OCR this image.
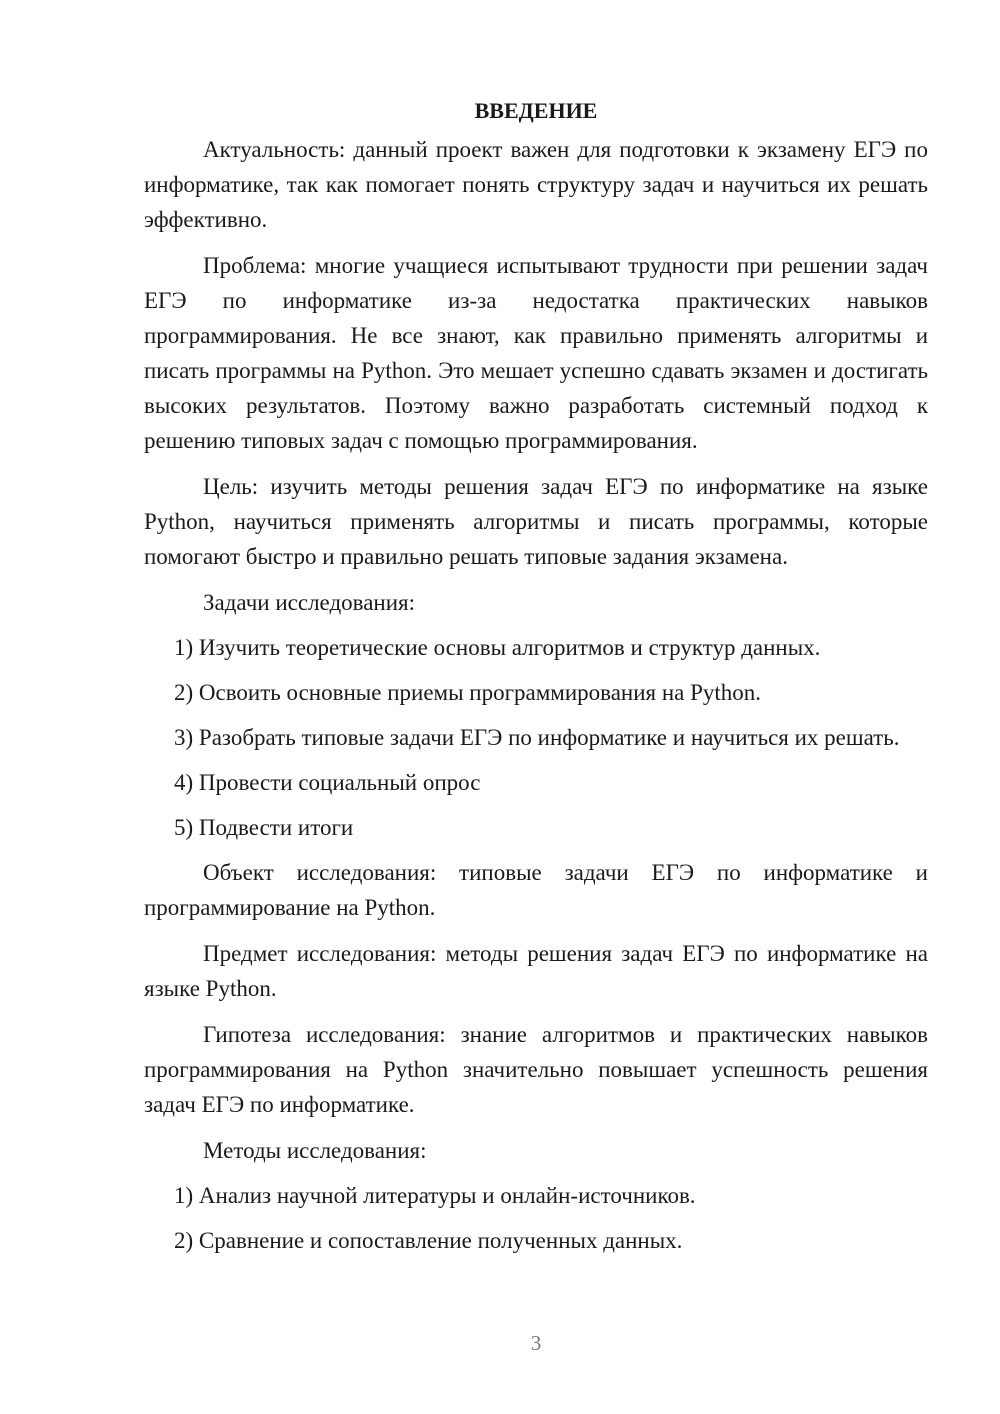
ВВЕДЕНИЕ

Актуальность: данный проект важен для подготовки к экзамену ЕГЭ по информатике, так как помогает понять структуру задач и научиться их решать эффективно.

Проблема: многие учащиеся испытывают трудности при решении задач ЕГЭ по информатике из-за недостатка практических навыков программирования. Не все знают, как правильно применять алгоритмы и писать программы на Python. Это мешает успешно сдавать экзамен и достигать высоких результатов. Поэтому важно разработать системный подход к решению типовых задач с помощью программирования.

Цель: изучить методы решения задач ЕГЭ по информатике на языке Python, научиться применять алгоритмы и писать программы, которые помогают быстро и правильно решать типовые задания экзамена.

Задачи исследования:

1) Изучить теоретические основы алгоритмов и структур данных.

2) Освоить основные приемы программирования на Python.

3) Разобрать типовые задачи ЕГЭ по информатике и научиться их решать.

4) Провести социальный опрос

5) Подвести итоги

Объект исследования: типовые задачи ЕГЭ по информатике и программирование на Python.

Предмет исследования: методы решения задач ЕГЭ по информатике на языке Python.

Гипотеза исследования: знание алгоритмов и практических навыков программирования на Python значительно повышает успешность решения задач ЕГЭ по информатике.

Методы исследования:

1) Анализ научной литературы и онлайн-источников.

2) Сравнение и сопоставление полученных данных.

3
